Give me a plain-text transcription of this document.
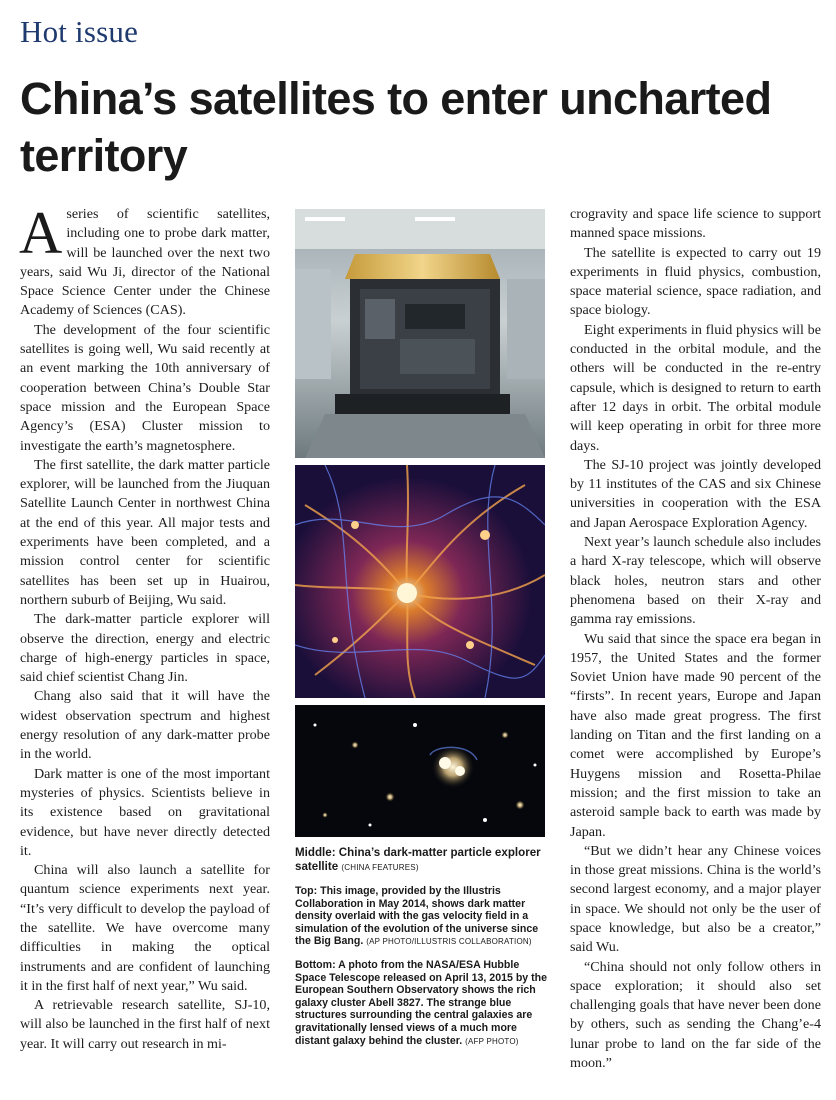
Hot issue
China’s satellites to enter uncharted territory

Aseries of scientific satellites, including one to probe dark matter, will be launched over the next two years, said Wu Ji, director of the National Space Science Center under the Chinese Academy of Sciences (CAS).

The development of the four scientific satellites is going well, Wu said recently at an event marking the 10th anniversary of cooperation between China’s Double Star space mission and the European Space Agency’s (ESA) Cluster mission to investigate the earth’s magnetosphere.

The first satellite, the dark matter particle explorer, will be launched from the Jiuquan Satellite Launch Center in northwest China at the end of this year. All major tests and experiments have been completed, and a mission control center for scientific satellites has been set up in Huairou, northern suburb of Beijing, Wu said.

The dark-matter particle explorer will observe the direction, energy and electric charge of high-energy particles in space, said chief scientist Chang Jin.

Chang also said that it will have the widest observation spectrum and highest energy resolution of any dark-matter probe in the world.

Dark matter is one of the most important mysteries of physics. Scientists believe in its existence based on gravitational evidence, but have never directly detected it.

China will also launch a satellite for quantum science experiments next year. “It’s very difficult to develop the payload of the satellite. We have overcome many difficulties in making the optical instruments and are confident of launching it in the first half of next year,” Wu said.

A retrievable research satellite, SJ-10, will also be launched in the first half of next year. It will carry out research in mi-

Middle: China’s dark-matter particle explorer satellite (CHINA FEATURES)
Top: This image, provided by the Illustris Collaboration in May 2014, shows dark matter density overlaid with the gas velocity field in a simulation of the evolution of the universe since the Big Bang. (AP PHOTO/ILLUSTRIS COLLABORATION)
Bottom: A photo from the NASA/ESA Hubble Space Telescope released on April 13, 2015 by the European Southern Observatory shows the rich galaxy cluster Abell 3827. The strange blue structures surrounding the central galaxies are gravitationally lensed views of a much more distant galaxy behind the cluster. (AFP PHOTO)

crogravity and space life science to support manned space missions.

The satellite is expected to carry out 19 experiments in fluid physics, combustion, space material science, space radiation, and space biology.

Eight experiments in fluid physics will be conducted in the orbital module, and the others will be conducted in the re-entry capsule, which is designed to return to earth after 12 days in orbit. The orbital module will keep operating in orbit for three more days.

The SJ-10 project was jointly developed by 11 institutes of the CAS and six Chinese universities in cooperation with the ESA and Japan Aerospace Exploration Agency.

Next year’s launch schedule also includes a hard X-ray telescope, which will observe black holes, neutron stars and other phenomena based on their X-ray and gamma ray emissions.

Wu said that since the space era began in 1957, the United States and the former Soviet Union have made 90 percent of the “firsts”. In recent years, Europe and Japan have also made great progress. The first landing on Titan and the first landing on a comet were accomplished by Europe’s Huygens mission and Rosetta-Philae mission; and the first mission to take an asteroid sample back to earth was made by Japan.

“But we didn’t hear any Chinese voices in those great missions. China is the world’s second largest economy, and a major player in space. We should not only be the user of space knowledge, but also be a creator,” said Wu.

“China should not only follow others in space exploration; it should also set challenging goals that have never been done by others, such as sending the Chang’e-4 lunar probe to land on the far side of the moon.”
